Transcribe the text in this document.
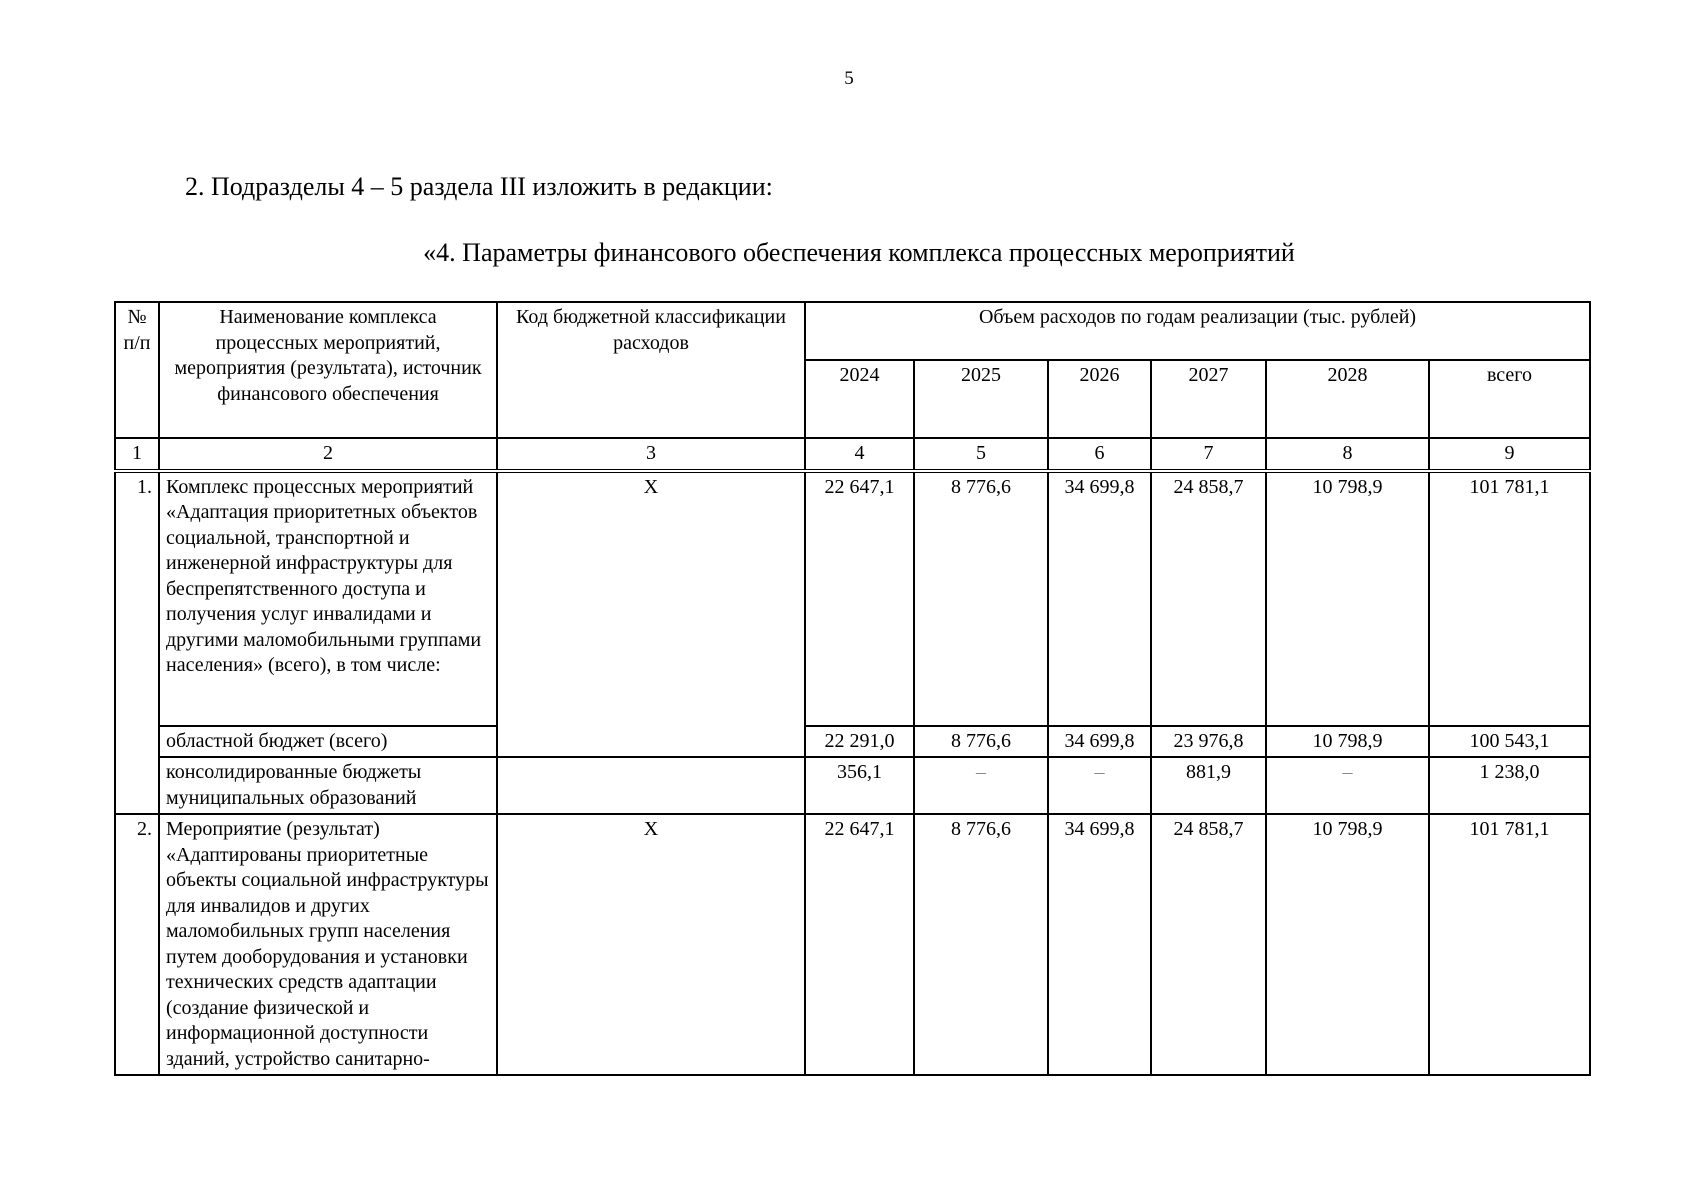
5
2. Подразделы 4 – 5 раздела III изложить в редакции:
«4. Параметры финансового обеспечения комплекса процессных мероприятий
№ п/п	Наименование комплекса процессных мероприятий, мероприятия (результата), источник финансового обеспечения	Код бюджетной классификации расходов	Объем расходов по годам реализации (тыс. рублей)					
			2024	2025	2026	2027	2028	всего
1	2	3	4	5	6	7	8	9
1.	Комплекс процессных мероприятий «Адаптация приоритетных объектов социальной, транспортной и инженерной инфраструктуры для беспрепятственного доступа и получения услуг инвалидами и другими маломобильными группами населения» (всего), в том числе:	Х	22 647,1	8 776,6	34 699,8	24 858,7	10 798,9	101 781,1
	областной бюджет (всего)		22 291,0	8 776,6	34 699,8	23 976,8	10 798,9	100 543,1
	консолидированные бюджеты муниципальных образований		356,1	–	–	881,9	–	1 238,0
2.	Мероприятие (результат) «Адаптированы приоритетные объекты социальной инфраструктуры для инвалидов и других маломобильных групп населения путем дооборудования и установки технических средств адаптации (создание физической и информационной доступности зданий, устройство санитарно-	Х	22 647,1	8 776,6	34 699,8	24 858,7	10 798,9	101 781,1
